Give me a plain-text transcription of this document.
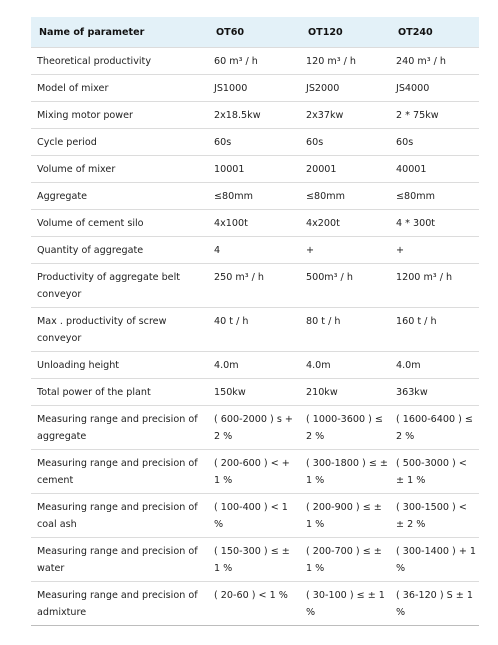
Name of parameter	OT60	OT120	OT240
Theoretical productivity	60 m³ / h	120 m³ / h	240 m³ / h
Model of mixer	JS1000	JS2000	JS4000
Mixing motor power	2x18.5kw	2x37kw	2 * 75kw
Cycle period	60s	60s	60s
Volume of mixer	10001	20001	40001
Aggregate	≤80mm	≤80mm	≤80mm
Volume of cement silo	4x100t	4x200t	4 * 300t
Quantity of aggregate	4	+	+
Productivity of aggregate belt conveyor	250 m³ / h	500m³ / h	1200 m³ / h
Max . productivity of screw conveyor	40 t / h	80 t / h	160 t / h
Unloading height	4.0m	4.0m	4.0m
Total power of the plant	150kw	210kw	363kw
Measuring range and precision of aggregate	( 600-2000 ) s + 2 %	( 1000-3600 ) ≤ 2 %	( 1600-6400 ) ≤ 2 %
Measuring range and precision of cement	( 200-600 ) < + 1 %	( 300-1800 ) ≤ ± 1 %	( 500-3000 ) < ± 1 %
Measuring range and precision of coal ash	( 100-400 ) < 1 %	( 200-900 ) ≤ ± 1 %	( 300-1500 ) < ± 2 %
Measuring range and precision of water	( 150-300 ) ≤ ± 1 %	( 200-700 ) ≤ ± 1 %	( 300-1400 ) + 1 %
Measuring range and precision of admixture	( 20-60 ) < 1 %	( 30-100 ) ≤ ± 1 %	( 36-120 ) S ± 1 %
